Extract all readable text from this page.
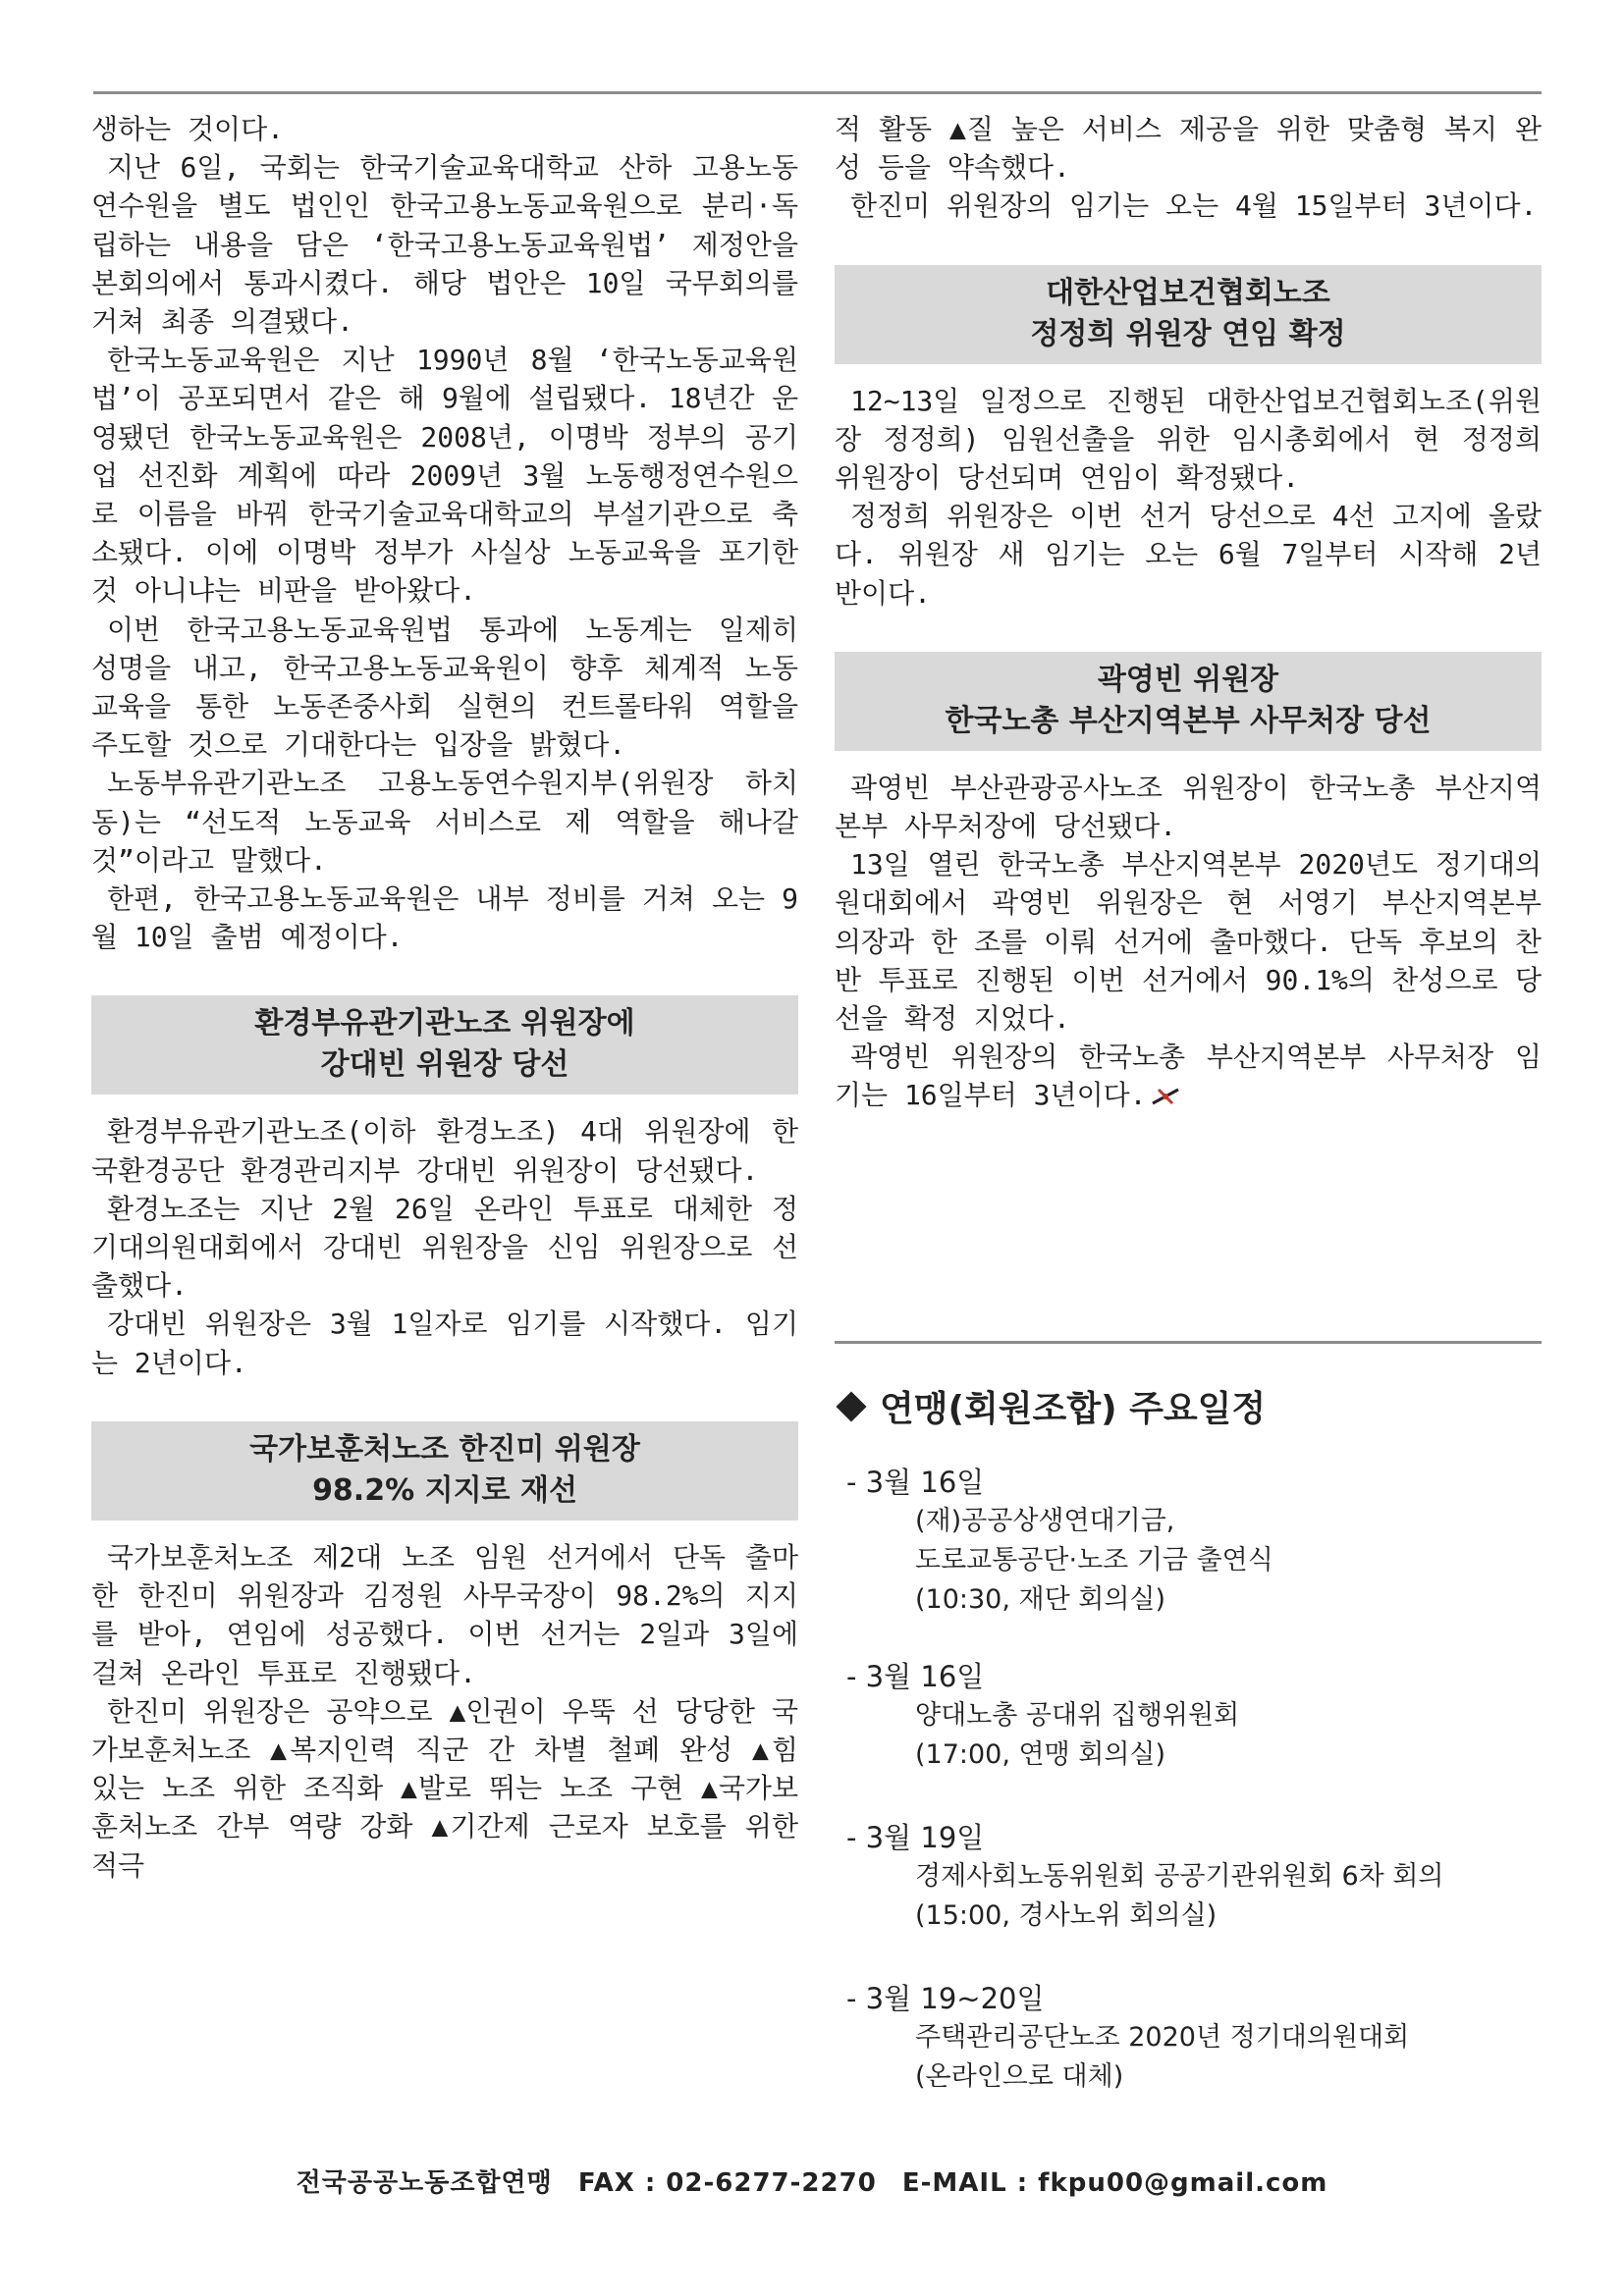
생하는 것이다.

지난 6일, 국회는 한국기술교육대학교 산하 고용노동연수원을 별도 법인인 한국고용노동교육원으로 분리·독립하는 내용을 담은 ‘한국고용노동교육원법’ 제정안을 본회의에서 통과시켰다. 해당 법안은 10일 국무회의를 거쳐 최종 의결됐다.

한국노동교육원은 지난 1990년 8월 ‘한국노동교육원법’이 공포되면서 같은 해 9월에 설립됐다. 18년간 운영됐던 한국노동교육원은 2008년, 이명박 정부의 공기업 선진화 계획에 따라 2009년 3월 노동행정연수원으로 이름을 바꿔 한국기술교육대학교의 부설기관으로 축소됐다. 이에 이명박 정부가 사실상 노동교육을 포기한 것 아니냐는 비판을 받아왔다.

이번 한국고용노동교육원법 통과에 노동계는 일제히 성명을 내고, 한국고용노동교육원이 향후 체계적 노동교육을 통한 노동존중사회 실현의 컨트롤타워 역할을 주도할 것으로 기대한다는 입장을 밝혔다.

노동부유관기관노조 고용노동연수원지부(위원장 하치동)는 “선도적 노동교육 서비스로 제 역할을 해나갈 것”이라고 말했다.

한편, 한국고용노동교육원은 내부 정비를 거쳐 오는 9월 10일 출범 예정이다.

환경부유관기관노조 위원장에
강대빈 위원장 당선

환경부유관기관노조(이하 환경노조) 4대 위원장에 한국환경공단 환경관리지부 강대빈 위원장이 당선됐다.

환경노조는 지난 2월 26일 온라인 투표로 대체한 정기대의원대회에서 강대빈 위원장을 신임 위원장으로 선출했다.

강대빈 위원장은 3월 1일자로 임기를 시작했다. 임기는 2년이다.

국가보훈처노조 한진미 위원장
98.2% 지지로 재선

국가보훈처노조 제2대 노조 임원 선거에서 단독 출마한 한진미 위원장과 김정원 사무국장이 98.2%의 지지를 받아, 연임에 성공했다. 이번 선거는 2일과 3일에 걸쳐 온라인 투표로 진행됐다.

한진미 위원장은 공약으로 ▲인권이 우뚝 선 당당한 국가보훈처노조 ▲복지인력 직군 간 차별 철폐 완성 ▲힘 있는 노조 위한 조직화 ▲발로 뛰는 노조 구현 ▲국가보훈처노조 간부 역량 강화 ▲기간제 근로자 보호를 위한 적극

적 활동 ▲질 높은 서비스 제공을 위한 맞춤형 복지 완성 등을 약속했다.

한진미 위원장의 임기는 오는 4월 15일부터 3년이다.

대한산업보건협회노조
정정희 위원장 연임 확정

12~13일 일정으로 진행된 대한산업보건협회노조(위원장 정정희) 임원선출을 위한 임시총회에서 현 정정희 위원장이 당선되며 연임이 확정됐다.

정정희 위원장은 이번 선거 당선으로 4선 고지에 올랐다. 위원장 새 임기는 오는 6월 7일부터 시작해 2년 반이다.

곽영빈 위원장
한국노총 부산지역본부 사무처장 당선

곽영빈 부산관광공사노조 위원장이 한국노총 부산지역본부 사무처장에 당선됐다.

13일 열린 한국노총 부산지역본부 2020년도 정기대의원대회에서 곽영빈 위원장은 현 서영기 부산지역본부 의장과 한 조를 이뤄 선거에 출마했다. 단독 후보의 찬반 투표로 진행된 이번 선거에서 90.1%의 찬성으로 당선을 확정 지었다.

곽영빈 위원장의 한국노총 부산지역본부 사무처장 임기는 16일부터 3년이다.

연맹(회원조합) 주요일정
- 3월 16일
(재)공공상생연대기금,
도로교통공단·노조 기금 출연식
(10:30, 재단 회의실)
- 3월 16일
양대노총 공대위 집행위원회
(17:00, 연맹 회의실)
- 3월 19일
경제사회노동위원회 공공기관위원회 6차 회의
(15:00, 경사노위 회의실)
- 3월 19~20일
주택관리공단노조 2020년 정기대의원대회
(온라인으로 대체)
전국공공노동조합연맹 FAX : 02-6277-2270 E-MAIL : fkpu00@gmail.com
